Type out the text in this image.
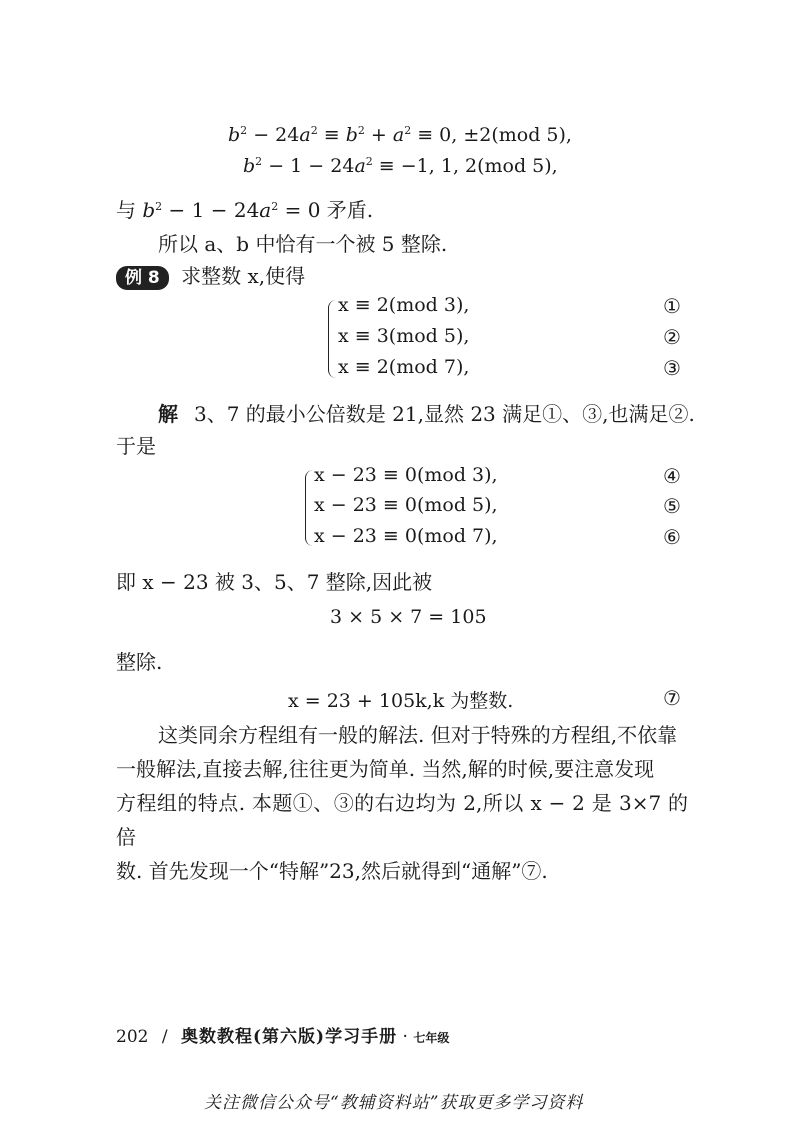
$b^2 - 24a^2 \equiv b^2 + a^2 \equiv 0$, ±2(mod 5),
$b^2 - 1 - 24a^2 \equiv -1$, 1, 2(mod 5),
与 $b^2 - 1 - 24a^2 = 0$ 矛盾.
所以 a、b 中恰有一个被 5 整除.
例 8 求整数 x,使得
x ≡ 2(mod 3),
x ≡ 3(mod 5),
x ≡ 2(mod 7),
①
②
③
解 3、7 的最小公倍数是 21,显然 23 满足①、③,也满足②.
于是
x − 23 ≡ 0(mod 3),
x − 23 ≡ 0(mod 5),
x − 23 ≡ 0(mod 7),
④
⑤
⑥
即 x − 23 被 3、5、7 整除,因此被
3 × 5 × 7 = 105
整除.
x = 23 + 105k,k 为整数.	⑦
这类同余方程组有一般的解法. 但对于特殊的方程组,不依靠
一般解法,直接去解,往往更为简单. 当然,解的时候,要注意发现
方程组的特点. 本题①、③的右边均为 2,所以 x − 2 是 3×7 的倍
数. 首先发现一个“特解”23,然后就得到“通解”⑦.
202 / 奥数教程(第六版)学习手册 · 七年级
关注微信公众号“教辅资料站”获取更多学习资料
